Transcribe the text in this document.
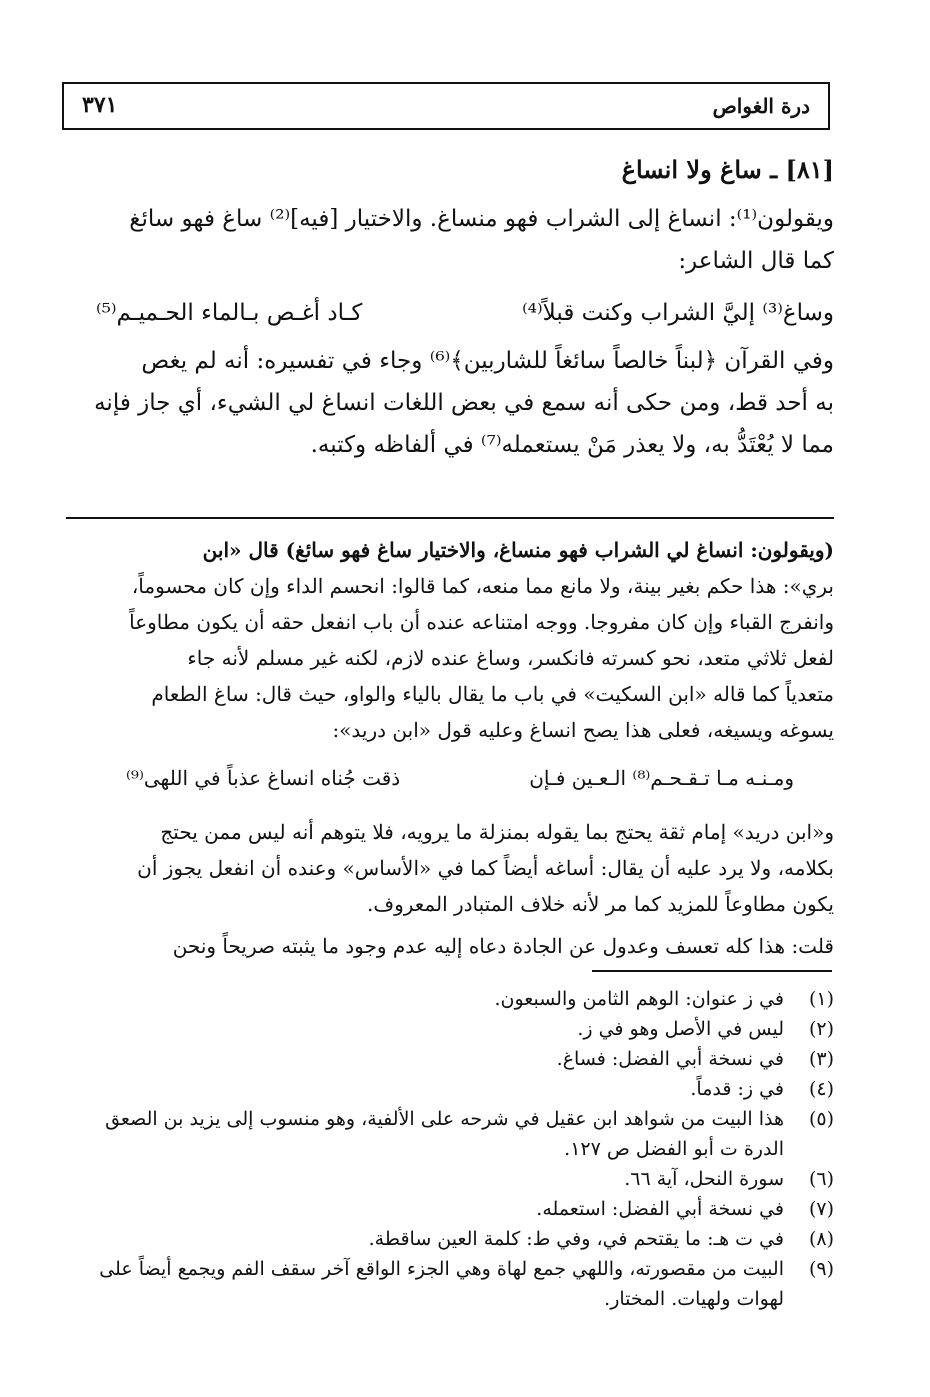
درة الغواص
٣٧١
[٨١] ـ ساغ ولا انساغ
ويقولون⁽¹⁾: انساغ إلى الشراب فهو منساغ. والاختيار [فيه]⁽²⁾ ساغ فهو سائغ
كما قال الشاعر:
وساغ⁽³⁾ إليَّ الشراب وكنت قبلاً⁽⁴⁾
كـاد أغـص بـالماء الحـميـم⁽⁵⁾
وفي القرآن ﴿لبناً خالصاً سائغاً للشاربين﴾⁽⁶⁾ وجاء في تفسيره: أنه لم يغص
به أحد قط، ومن حكى أنه سمع في بعض اللغات انساغ لي الشيء، أي جاز فإنه
مما لا يُعْتَدُّ به، ولا يعذر مَنْ يستعمله⁽⁷⁾ في ألفاظه وكتبه.
(ويقولون: انساغ لي الشراب فهو منساغ، والاختيار ساغ فهو سائغ) قال «ابن
بري»: هذا حكم بغير بينة، ولا مانع مما منعه، كما قالوا: انحسم الداء وإن كان محسوماً،
وانفرج القباء وإن كان مفروجا. ووجه امتناعه عنده أن باب انفعل حقه أن يكون مطاوعاً
لفعل ثلاثي متعد، نحو كسرته فانكسر، وساغ عنده لازم، لكنه غير مسلم لأنه جاء
متعدياً كما قاله «ابن السكيت» في باب ما يقال بالياء والواو، حيث قال: ساغ الطعام
يسوغه ويسيغه، فعلى هذا يصح انساغ وعليه قول «ابن دريد»:
ومـنـه مـا تـقـحـم⁽⁸⁾ الـعـين فـإن
ذقت جُناه انساغ عذباً في اللهى⁽⁹⁾
و«ابن دريد» إمام ثقة يحتج بما يقوله بمنزلة ما يرويه، فلا يتوهم أنه ليس ممن يحتج
بكلامه، ولا يرد عليه أن يقال: أساغه أيضاً كما في «الأساس» وعنده أن انفعل يجوز أن
يكون مطاوعاً للمزيد كما مر لأنه خلاف المتبادر المعروف.
قلت: هذا كله تعسف وعدول عن الجادة دعاه إليه عدم وجود ما يثبته صريحاً ونحن
(١)في ز عنوان: الوهم الثامن والسبعون.
(٢)ليس في الأصل وهو في ز.
(٣)في نسخة أبي الفضل: فساغ.
(٤)في ز: قدماً.
(٥)هذا البيت من شواهد ابن عقيل في شرحه على الألفية، وهو منسوب إلى يزيد بن الصعق
الدرة ت أبو الفضل ص ١٢٧.
(٦)سورة النحل، آية ٦٦.
(٧)في نسخة أبي الفضل: استعمله.
(٨)في ت هـ: ما يقتحم في، وفي ط: كلمة العين ساقطة.
(٩)البيت من مقصورته، واللهي جمع لهاة وهي الجزء الواقع آخر سقف الفم ويجمع أيضاً على
لهوات ولهيات. المختار.
